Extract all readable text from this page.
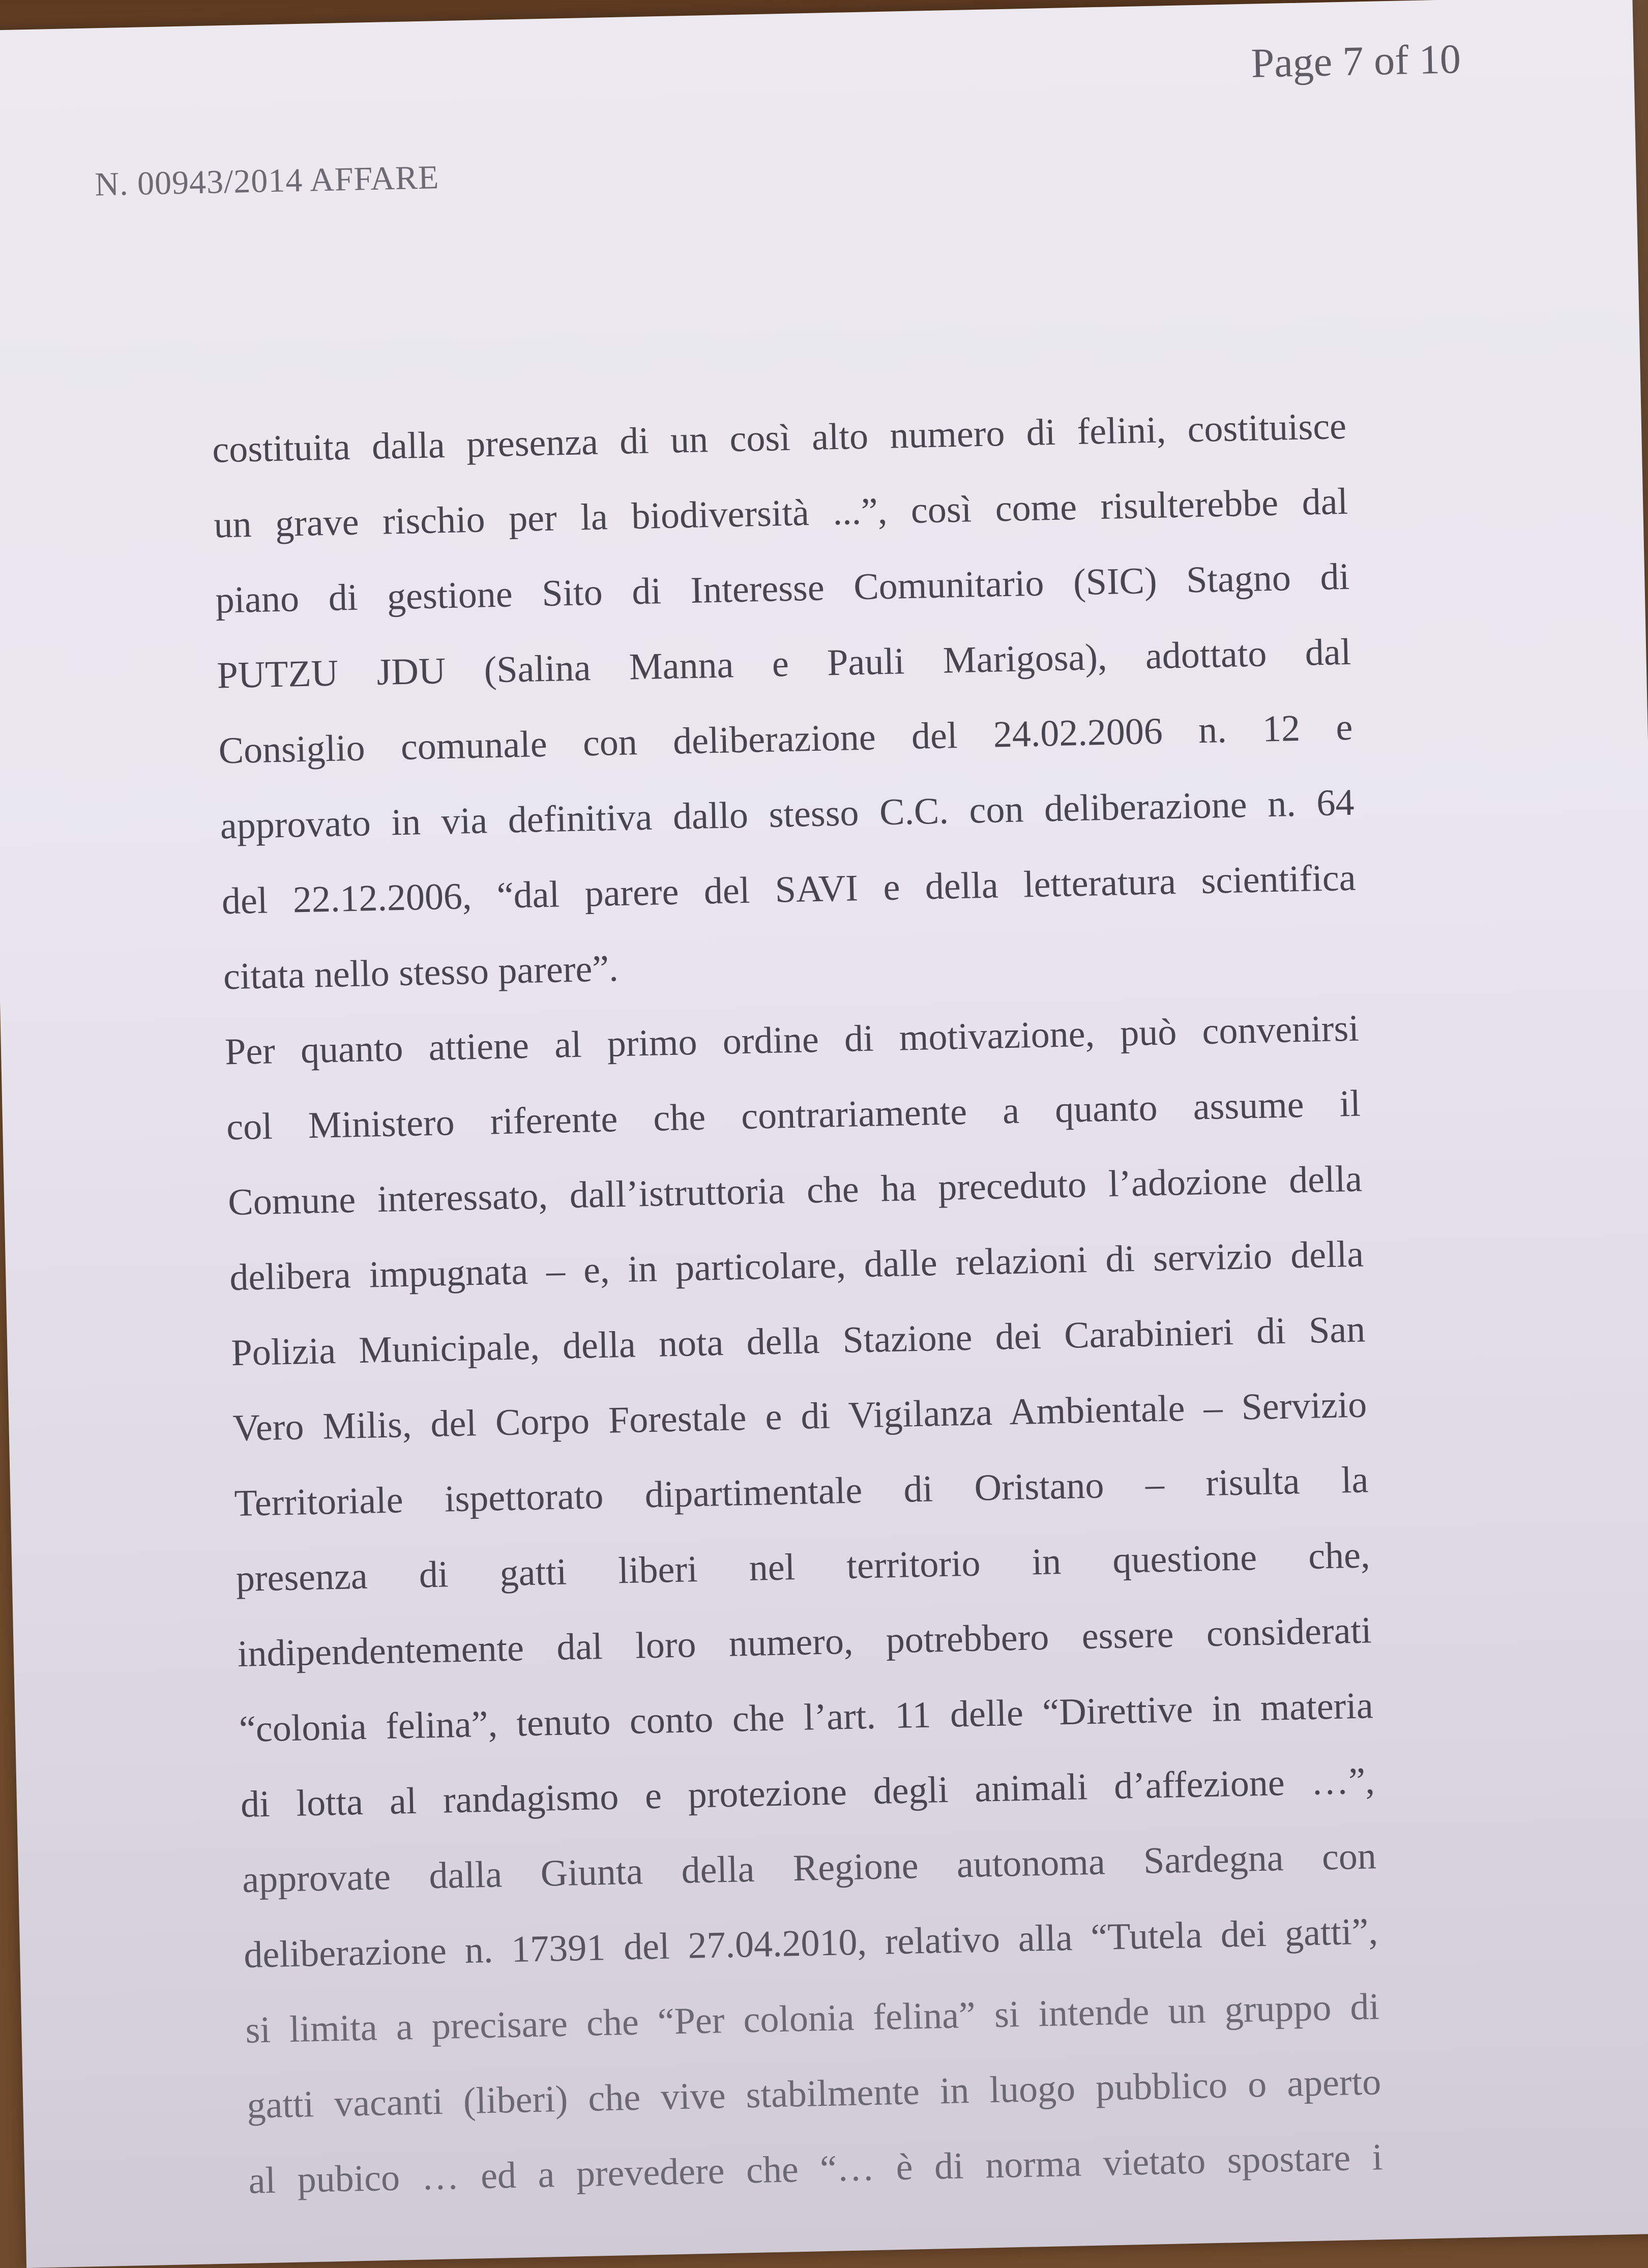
Page 7 of 10
N. 00943/2014 AFFARE
costituita dalla presenza di un così alto numero di felini, costituisce
un grave rischio per la biodiversità ...”, così come risulterebbe dal
piano di gestione Sito di Interesse Comunitario (SIC) Stagno di
PUTZU JDU (Salina Manna e Pauli Marigosa), adottato dal
Consiglio comunale con deliberazione del 24.02.2006 n. 12 e
approvato in via definitiva dallo stesso C.C. con deliberazione n. 64
del 22.12.2006, “dal parere del SAVI e della letteratura scientifica
citata nello stesso parere”.
Per quanto attiene al primo ordine di motivazione, può convenirsi
col Ministero riferente che contrariamente a quanto assume il
Comune interessato, dall’istruttoria che ha preceduto l’adozione della
delibera impugnata – e, in particolare, dalle relazioni di servizio della
Polizia Municipale, della nota della Stazione dei Carabinieri di San
Vero Milis, del Corpo Forestale e di Vigilanza Ambientale – Servizio
Territoriale ispettorato dipartimentale di Oristano – risulta la
presenza di gatti liberi nel territorio in questione che,
indipendentemente dal loro numero, potrebbero essere considerati
“colonia felina”, tenuto conto che l’art. 11 delle “Direttive in materia
di lotta al randagismo e protezione degli animali d’affezione …”,
approvate dalla Giunta della Regione autonoma Sardegna con
deliberazione n. 17391 del 27.04.2010, relativo alla “Tutela dei gatti”,
si limita a precisare che “Per colonia felina” si intende un gruppo di
gatti vacanti (liberi) che vive stabilmente in luogo pubblico o aperto
al pubico … ed a prevedere che “… è di norma vietato spostare i
